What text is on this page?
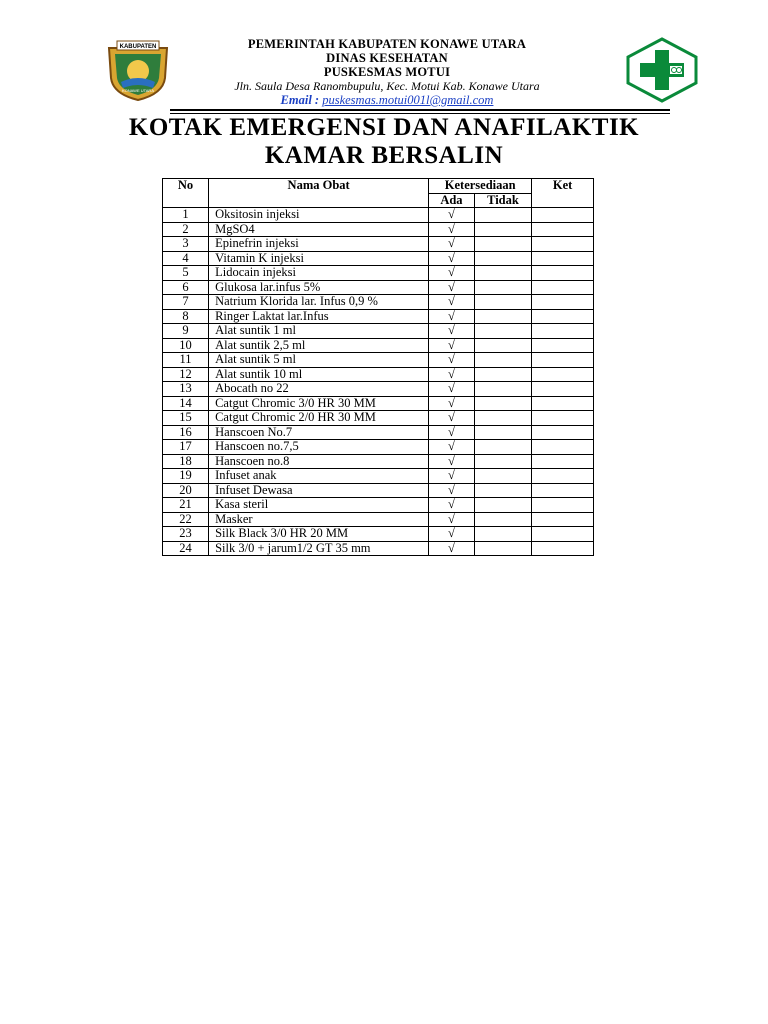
KABUPATEN
KONAWE UTARA
PEMERINTAH KABUPATEN KONAWE UTARA
DINAS KESEHATAN
PUSKESMAS MOTUI
Jln. Saula Desa Ranombupulu, Kec. Motui Kab. Konawe Utara
Email : puskesmas.motui001l@gmail.com
KOTAK EMERGENSI DAN ANAFILAKTIK
KAMAR BERSALIN
No	Nama Obat	Ketersediaan		Ket
		Ada	Tidak	
1	Oksitosin injeksi	√		
2	MgSO4	√		
3	Epinefrin injeksi	√		
4	Vitamin K injeksi	√		
5	Lidocain injeksi	√		
6	Glukosa lar.infus 5%	√		
7	Natrium Klorida lar. Infus 0,9 %	√		
8	Ringer Laktat lar.Infus	√		
9	Alat suntik 1 ml	√		
10	Alat suntik 2,5 ml	√		
11	Alat suntik 5 ml	√		
12	Alat suntik 10 ml	√		
13	Abocath no 22	√		
14	Catgut Chromic 3/0 HR 30 MM	√		
15	Catgut Chromic 2/0 HR 30 MM	√		
16	Hanscoen No.7	√		
17	Hanscoen no.7,5	√		
18	Hanscoen no.8	√		
19	Infuset anak	√		
20	Infuset Dewasa	√		
21	Kasa steril	√		
22	Masker	√		
23	Silk Black 3/0 HR 20 MM	√		
24	Silk 3/0 + jarum1/2 GT 35 mm	√		
